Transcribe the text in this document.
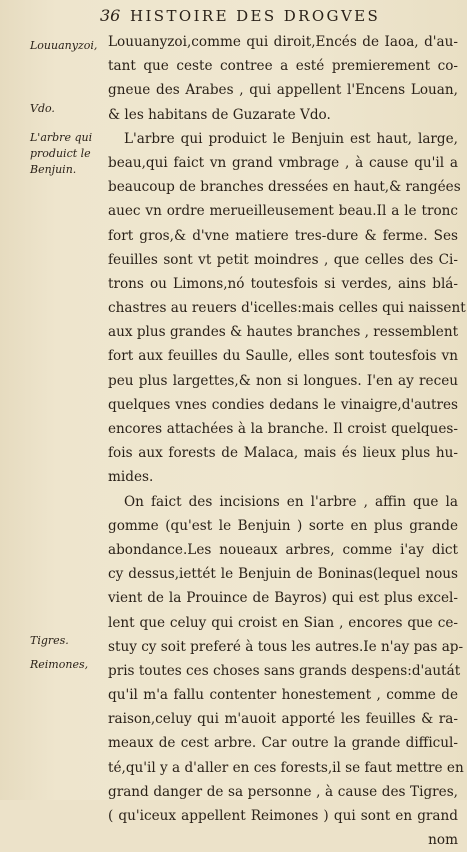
36 HISTOIRE DES DROGVES
Louuanyzoi,
Vdo.
L'arbre qui
produict le
Benjuin.
Tigres.
Reimones,
Louuanyzoi,comme qui diroit,Encés de Iaoa, d'au-
tant que ceste contree a esté premierement co-
gneue des Arabes , qui appellent l'Encens Louan,
& les habitans de Guzarate Vdo.
L'arbre qui produict le Benjuin est haut, large,
beau,qui faict vn grand vmbrage , à cause qu'il a
beaucoup de branches dressées en haut,& rangées
auec vn ordre merueilleusement beau.Il a le tronc
fort gros,& d'vne matiere tres-dure & ferme. Ses
feuilles sont vt petit moindres , que celles des Ci-
trons ou Limons,nó toutesfois si verdes, ains blá-
chastres au reuers d'icelles:mais celles qui naissent
aux plus grandes & hautes branches , ressemblent
fort aux feuilles du Saulle, elles sont toutesfois vn
peu plus largettes,& non si longues. I'en ay receu
quelques vnes condies dedans le vinaigre,d'autres
encores attachées à la branche. Il croist quelques-
fois aux forests de Malaca, mais és lieux plus hu-
mides.
On faict des incisions en l'arbre , affin que la
gomme (qu'est le Benjuin ) sorte en plus grande
abondance.Les noueaux arbres, comme i'ay dict
cy dessus,iettét le Benjuin de Boninas(lequel nous
vient de la Prouince de Bayros) qui est plus excel-
lent que celuy qui croist en Sian , encores que ce-
stuy cy soit preferé à tous les autres.Ie n'ay pas ap-
pris toutes ces choses sans grands despens:d'autát
qu'il m'a fallu contenter honestement , comme de
raison,celuy qui m'auoit apporté les feuilles & ra-
meaux de cest arbre. Car outre la grande difficul-
té,qu'il y a d'aller en ces forests,il se faut mettre en
grand danger de sa personne , à cause des Tigres,
( qu'iceux appellent Reimones ) qui sont en grand
nom
